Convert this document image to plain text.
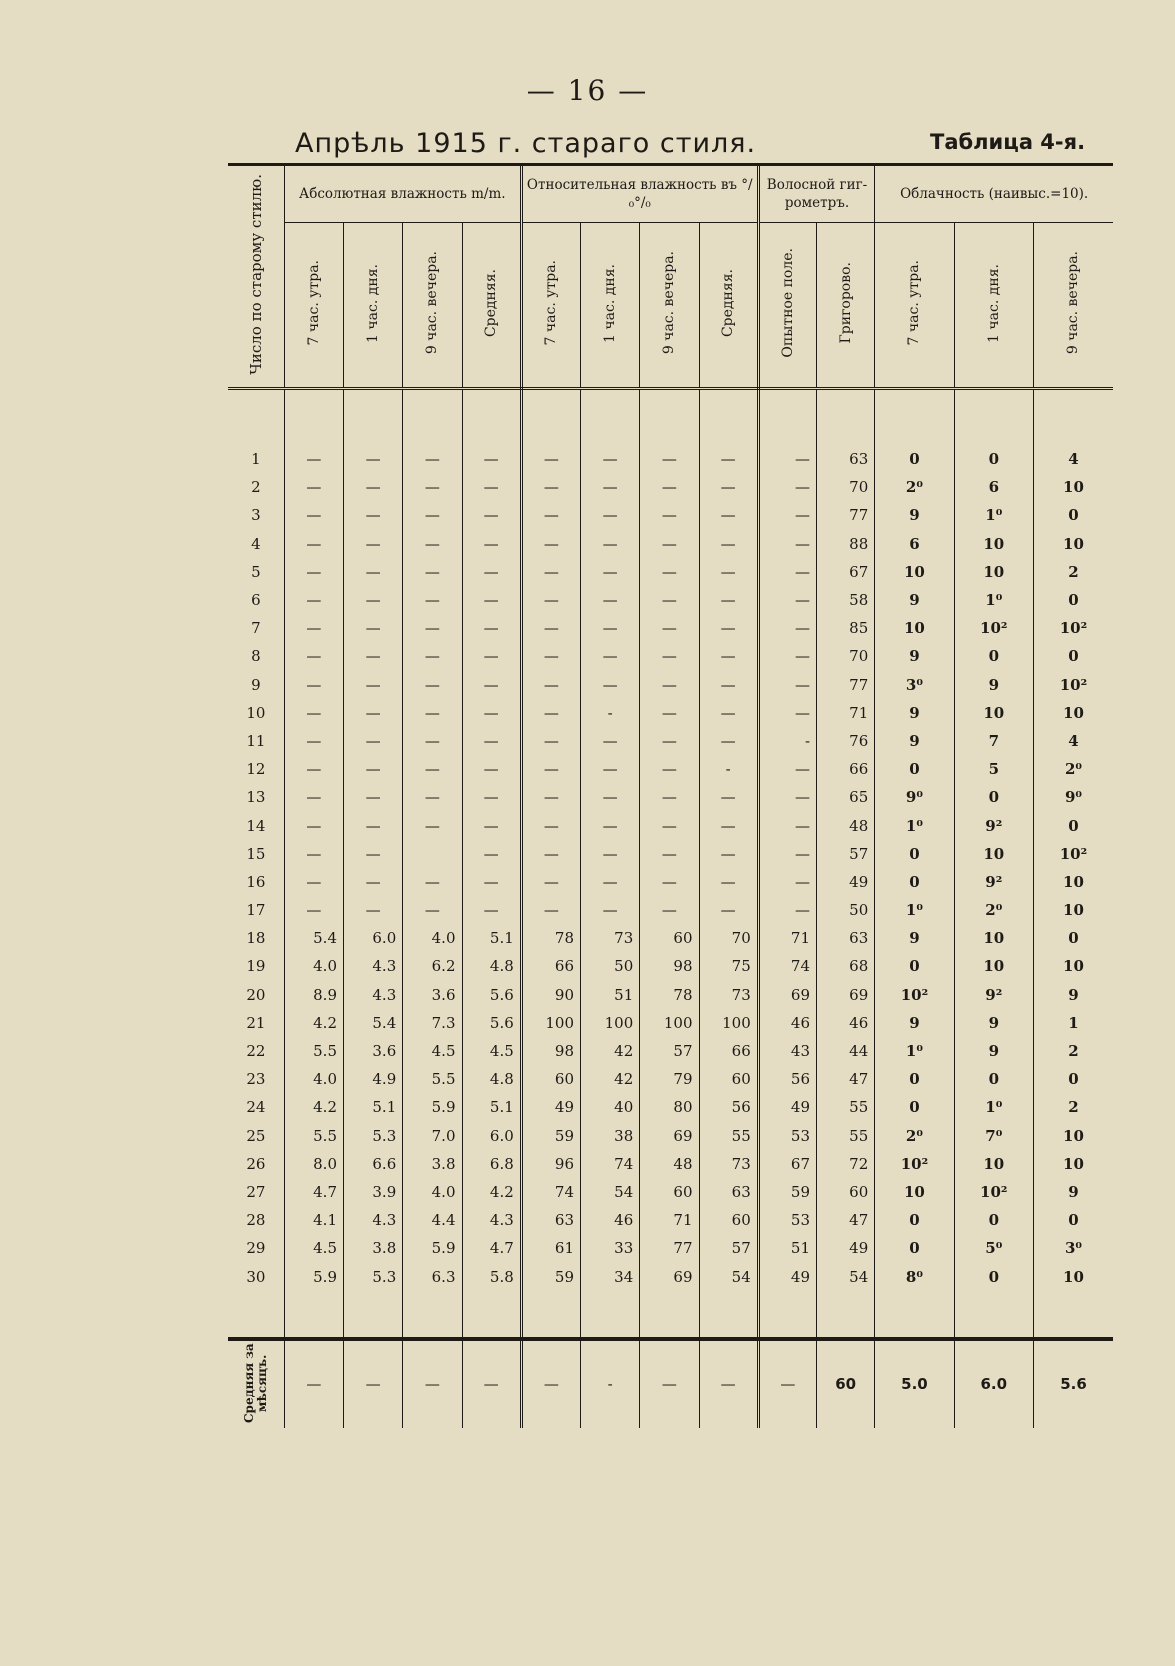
— 16 —
Апрѣль 1915 г. стараго стиля.	Таблица 4-я.
Число по старому стилю.	Абсолютная влажность m/m.				Относительная влажность въ °/₀°/₀				Волосной гиг-рометръ.		Облачность (наивыс.=10).		
	7 час. утра.	1 час. дня.	9 час. вечера.	Средняя.	7 час. утра.	1 час. дня.	9 час. вечера.	Средняя.	Опытное поле.	Григорово.	7 час. утра.	1 час. дня.	9 час. вечера.

1	—	—	—	—	—	—	—	—	—	63	0	0	4
2	—	—	—	—	—	—	—	—	—	70	2⁰	6	10
3	—	—	—	—	—	—	—	—	—	77	9	1⁰	0
4	—	—	—	—	—	—	—	—	—	88	6	10	10
5	—	—	—	—	—	—	—	—	—	67	10	10	2
6	—	—	—	—	—	—	—	—	—	58	9	1⁰	0
7	—	—	—	—	—	—	—	—	—	85	10	10²	10²
8	—	—	—	—	—	—	—	—	—	70	9	0	0
9	—	—	—	—	—	—	—	—	—	77	3⁰	9	10²
10	—	—	—	—	—	-	—	—	—	71	9	10	10
11	—	—	—	—	—	—	—	—	-	76	9	7	4
12	—	—	—	—	—	—	—	-	—	66	0	5	2⁰
13	—	—	—	—	—	—	—	—	—	65	9⁰	0	9⁰
14	—	—	—	—	—	—	—	—	—	48	1⁰	9²	0
15	—	—		—	—	—	—	—	—	57	0	10	10²
16	—	—	—	—	—	—	—	—	—	49	0	9²	10
17	—	—	—	—	—	—	—	—	—	50	1⁰	2⁰	10
18	5.4	6.0	4.0	5.1	78	73	60	70	71	63	9	10	0
19	4.0	4.3	6.2	4.8	66	50	98	75	74	68	0	10	10
20	8.9	4.3	3.6	5.6	90	51	78	73	69	69	10²	9²	9
21	4.2	5.4	7.3	5.6	100	100	100	100	46	46	9	9	1
22	5.5	3.6	4.5	4.5	98	42	57	66	43	44	1⁰	9	2
23	4.0	4.9	5.5	4.8	60	42	79	60	56	47	0	0	0
24	4.2	5.1	5.9	5.1	49	40	80	56	49	55	0	1⁰	2
25	5.5	5.3	7.0	6.0	59	38	69	55	53	55	2⁰	7⁰	10
26	8.0	6.6	3.8	6.8	96	74	48	73	67	72	10²	10	10
27	4.7	3.9	4.0	4.2	74	54	60	63	59	60	10	10²	9
28	4.1	4.3	4.4	4.3	63	46	71	60	53	47	0	0	0
29	4.5	3.8	5.9	4.7	61	33	77	57	51	49	0	5⁰	3⁰
30	5.9	5.3	6.3	5.8	59	34	69	54	49	54	8⁰	0	10

Средняя за мѣсяцъ.	—	—	—	—	—	-	—	—	—	60	5.0	6.0	5.6
